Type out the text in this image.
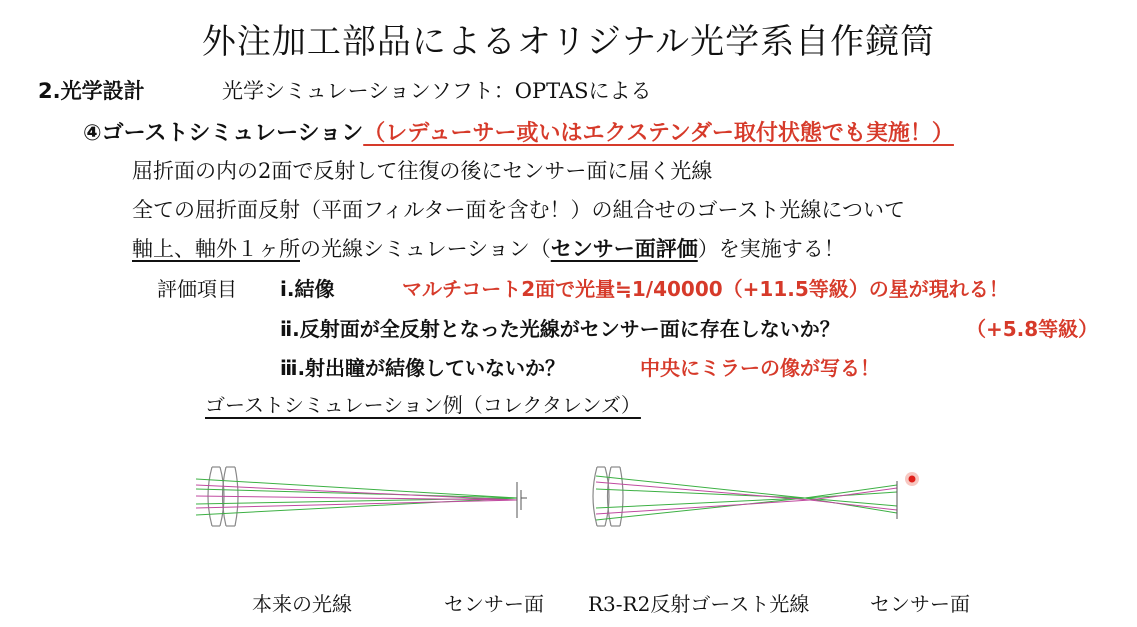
外注加工部品によるオリジナル光学系自作鏡筒
2.光学設計	光学シミュレーションソフト：OPTASによる
④ゴーストシミュレーション（レデューサー或いはエクステンダー取付状態でも実施！）
屈折面の内の2面で反射して往復の後にセンサー面に届く光線
全ての屈折面反射（平面フィルター面を含む！）の組合せのゴースト光線について
軸上、軸外１ヶ所の光線シミュレーション（センサー面評価）を実施する！
評価項目 ⅰ.結像	マルチコート2面で光量≒1/40000（+11.5等級）の星が現れる！
ⅱ.反射面が全反射となった光線がセンサー面に存在しないか？	（+5.8等級）
ⅲ.射出瞳が結像していないか？	中央にミラーの像が写る！
ゴーストシミュレーション例（コレクタレンズ）
本来の光線	センサー面 R3-R2反射ゴースト光線	センサー面
